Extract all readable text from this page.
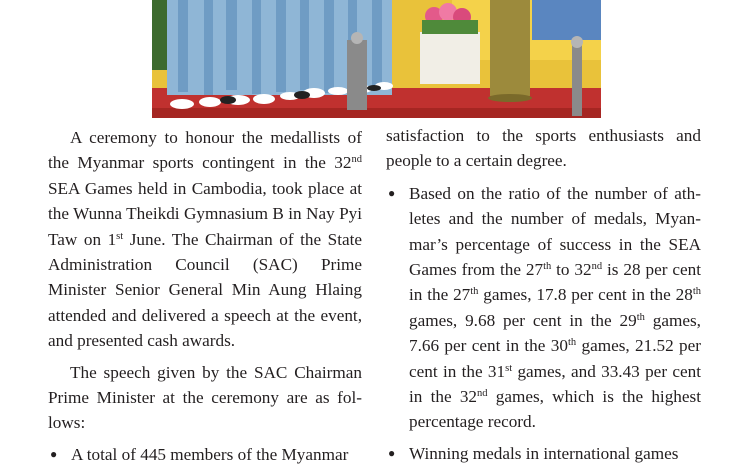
A ceremony to honour the medallists of the Myanmar sports contingent in the 32nd SEA Games held in Cambodia, took place at the Wunna Theikdi Gymnasium B in Nay Pyi Taw on 1st June. The Chairman of the State Administration Council (SAC) Prime Minister Senior General Min Aung Hlaing attended and delivered a speech at the event, and presented cash awards.

The speech given by the SAC Chairman Prime Minister at the ceremony are as follows:

● A total of 445 members of the Myanmar

satisfaction to the sports enthusiasts and people to a certain degree.

● Based on the ratio of the number of athletes and the number of medals, Myanmar’s percentage of success in the SEA Games from the 27th to 32nd is 28 per cent in the 27th games, 17.8 per cent in the 28th games, 9.68 per cent in the 29th games, 7.66 per cent in the 30th games, 21.52 per cent in the 31st games, and 33.43 per cent in the 32nd games, which is the highest percentage record.

● Winning medals in international games
